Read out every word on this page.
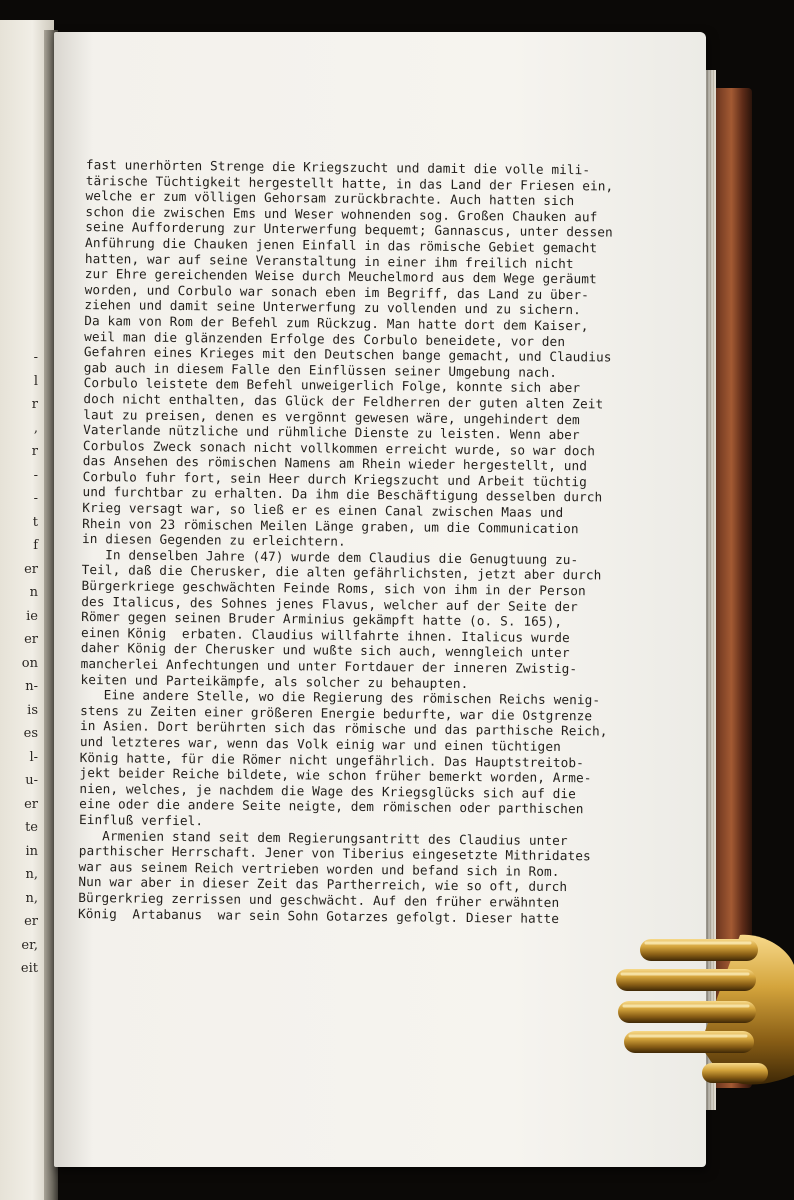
-
l
r
,
r
-
-
t
f
er
n
ie
er
on
n-
is
es
l-
u-
er
te
in
n,
n,
er
er,
eit
fast unerhörten Strenge die Kriegszucht und damit die volle mili-
tärische Tüchtigkeit hergestellt hatte, in das Land der Friesen ein,
welche er zum völligen Gehorsam zurückbrachte. Auch hatten sich
schon die zwischen Ems und Weser wohnenden sog. Großen Chauken auf
seine Aufforderung zur Unterwerfung bequemt; Gannascus, unter dessen
Anführung die Chauken jenen Einfall in das römische Gebiet gemacht
hatten, war auf seine Veranstaltung in einer ihm freilich nicht
zur Ehre gereichenden Weise durch Meuchelmord aus dem Wege geräumt
worden, und Corbulo war sonach eben im Begriff, das Land zu über-
ziehen und damit seine Unterwerfung zu vollenden und zu sichern.
Da kam von Rom der Befehl zum Rückzug. Man hatte dort dem Kaiser,
weil man die glänzenden Erfolge des Corbulo beneidete, vor den
Gefahren eines Krieges mit den Deutschen bange gemacht, und Claudius
gab auch in diesem Falle den Einflüssen seiner Umgebung nach.
Corbulo leistete dem Befehl unweigerlich Folge, konnte sich aber
doch nicht enthalten, das Glück der Feldherren der guten alten Zeit
laut zu preisen, denen es vergönnt gewesen wäre, ungehindert dem
Vaterlande nützliche und rühmliche Dienste zu leisten. Wenn aber
Corbulos Zweck sonach nicht vollkommen erreicht wurde, so war doch
das Ansehen des römischen Namens am Rhein wieder hergestellt, und
Corbulo fuhr fort, sein Heer durch Kriegszucht und Arbeit tüchtig
und furchtbar zu erhalten. Da ihm die Beschäftigung desselben durch
Krieg versagt war, so ließ er es einen Canal zwischen Maas und
Rhein von 23 römischen Meilen Länge graben, um die Communication
in diesen Gegenden zu erleichtern.
In denselben Jahre (47) wurde dem Claudius die Genugtuung zu-
Teil, daß die Cherusker, die alten gefährlichsten, jetzt aber durch
Bürgerkriege geschwächten Feinde Roms, sich von ihm in der Person
des Italicus, des Sohnes jenes Flavus, welcher auf der Seite der
Römer gegen seinen Bruder Arminius gekämpft hatte (o. S. 165),
einen König  erbaten. Claudius willfahrte ihnen. Italicus wurde
daher König der Cherusker und wußte sich auch, wenngleich unter
mancherlei Anfechtungen und unter Fortdauer der inneren Zwistig-
keiten und Parteikämpfe, als solcher zu behaupten.
Eine andere Stelle, wo die Regierung des römischen Reichs wenig-
stens zu Zeiten einer größeren Energie bedurfte, war die Ostgrenze
in Asien. Dort berührten sich das römische und das parthische Reich,
und letzteres war, wenn das Volk einig war und einen tüchtigen
König hatte, für die Römer nicht ungefährlich. Das Hauptstreitob-
jekt beider Reiche bildete, wie schon früher bemerkt worden, Arme-
nien, welches, je nachdem die Wage des Kriegsglücks sich auf die
eine oder die andere Seite neigte, dem römischen oder parthischen
Einfluß verfiel.
Armenien stand seit dem Regierungsantritt des Claudius unter
parthischer Herrschaft. Jener von Tiberius eingesetzte Mithridates
war aus seinem Reich vertrieben worden und befand sich in Rom.
Nun war aber in dieser Zeit das Partherreich, wie so oft, durch
Bürgerkrieg zerrissen und geschwächt. Auf den früher erwähnten
König  Artabanus  war sein Sohn Gotarzes gefolgt. Dieser hatte
